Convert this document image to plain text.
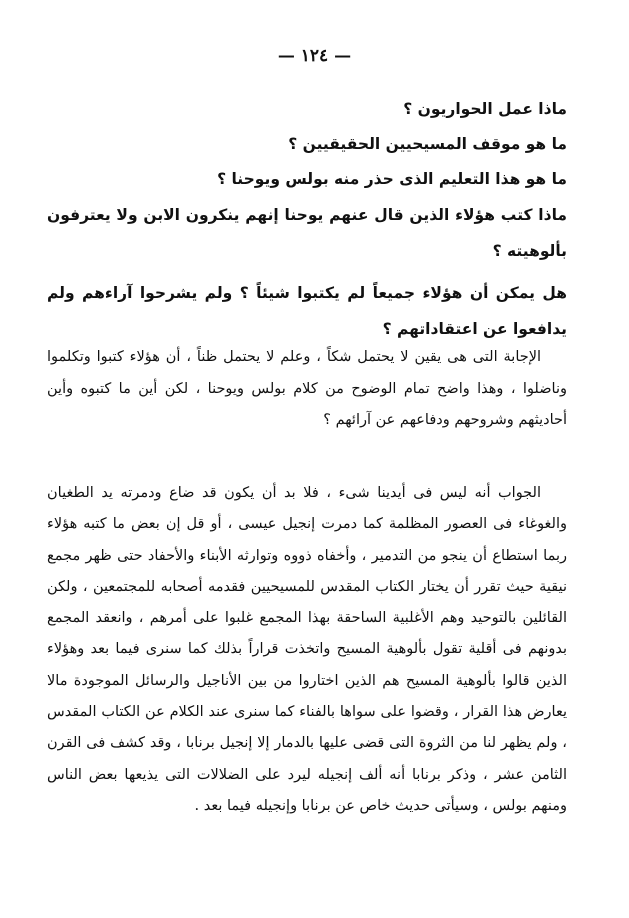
— ١٢٤ —

ماذا عمل الحواريون ؟

ما هو موقف المسيحيين الحقيقيين ؟

ما هو هذا التعليم الذى حذر منه بولس ويوحنا ؟

ماذا كتب هؤلاء الذين قال عنهم يوحنا إنهم ينكرون الابن ولا يعترفون بألوهيته ؟

هل يمكن أن هؤلاء جميعاً لم يكتبوا شيئاً ؟ ولم يشرحوا آراءهم ولم يدافعوا عن اعتقاداتهم ؟

الإجابة التى هى يقين لا يحتمل شكاً ، وعلم لا يحتمل ظناً ، أن هؤلاء كتبوا وتكلموا وناضلوا ، وهذا واضح تمام الوضوح من كلام بولس ويوحنا ، لكن أين ما كتبوه وأين أحاديثهم وشروحهم ودفاعهم عن آرائهم ؟

الجواب أنه ليس فى أيدينا شىء ، فلا بد أن يكون قد ضاع ودمرته يد الطغيان والغوغاء فى العصور المظلمة كما دمرت إنجيل عيسى ، أو قل إن بعض ما كتبه هؤلاء ربما استطاع أن ينجو من التدمير ، وأخفاه ذووه وتوارثه الأبناء والأحفاد حتى ظهر مجمع نيقية حيث تقرر أن يختار الكتاب المقدس للمسيحيين فقدمه أصحابه للمجتمعين ، ولكن القائلين بالتوحيد وهم الأغلبية الساحقة بهذا المجمع غلبوا على أمرهم ، وانعقد المجمع بدونهم فى أقلية تقول بألوهية المسيح واتخذت قراراً بذلك كما سنرى فيما بعد وهؤلاء الذين قالوا بألوهية المسيح هم الذين اختاروا من بين الأناجيل والرسائل الموجودة مالا يعارض هذا القرار ، وقضوا على سواها بالفناء كما سنرى عند الكلام عن الكتاب المقدس ، ولم يظهر لنا من الثروة التى قضى عليها بالدمار إلا إنجيل برنابا ، وقد كشف فى القرن الثامن عشر ، وذكر برنابا أنه ألف إنجيله ليرد على الضلالات التى يذيعها بعض الناس ومنهم بولس ، وسيأتى حديث خاص عن برنابا وإنجيله فيما بعد .
